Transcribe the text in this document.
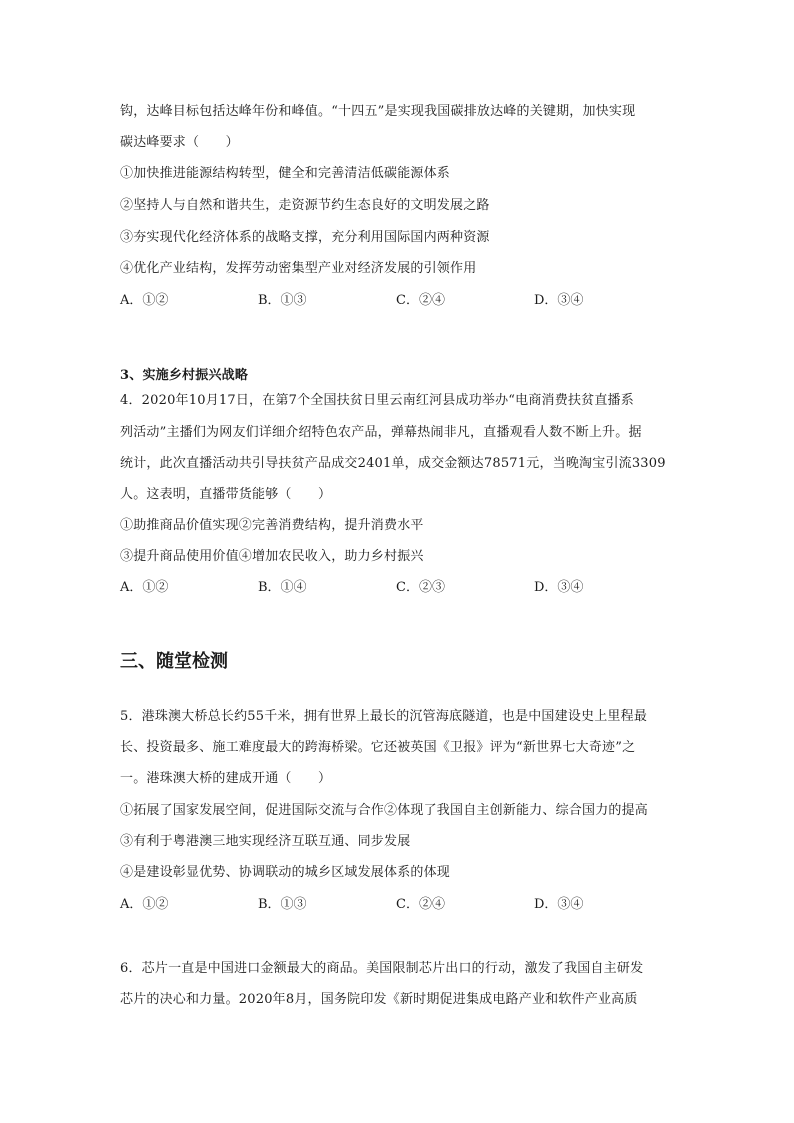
钩，达峰目标包括达峰年份和峰值。“十四五”是实现我国碳排放达峰的关键期，加快实现
碳达峰要求（　　）
①加快推进能源结构转型，健全和完善清洁低碳能源体系
②坚持人与自然和谐共生，走资源节约生态良好的文明发展之路
③夯实现代化经济体系的战略支撑，充分利用国际国内两种资源
④优化产业结构，发挥劳动密集型产业对经济发展的引领作用
A．①②	B．①③	C．②④	D．③④
3、实施乡村振兴战略
4．2020年10月17日，在第7个全国扶贫日里云南红河县成功举办“电商消费扶贫直播系
列活动”主播们为网友们详细介绍特色农产品，弹幕热闹非凡，直播观看人数不断上升。据
统计，此次直播活动共引导扶贫产品成交2401单，成交金额达78571元，当晚淘宝引流3309
人。这表明，直播带货能够（　　）
①助推商品价值实现②完善消费结构，提升消费水平
③提升商品使用价值④增加农民收入，助力乡村振兴
A．①②	B．①④	C．②③	D．③④
三、随堂检测
5．港珠澳大桥总长约55千米，拥有世界上最长的沉管海底隧道，也是中国建设史上里程最
长、投资最多、施工难度最大的跨海桥梁。它还被英国《卫报》评为“新世界七大奇迹”之
一。港珠澳大桥的建成开通（　　）
①拓展了国家发展空间，促进国际交流与合作②体现了我国自主创新能力、综合国力的提高
③有利于粤港澳三地实现经济互联互通、同步发展
④是建设彰显优势、协调联动的城乡区域发展体系的体现
A．①②	B．①③	C．②④	D．③④
6．芯片一直是中国进口金额最大的商品。美国限制芯片出口的行动，激发了我国自主研发
芯片的决心和力量。2020年8月，国务院印发《新时期促进集成电路产业和软件产业高质
